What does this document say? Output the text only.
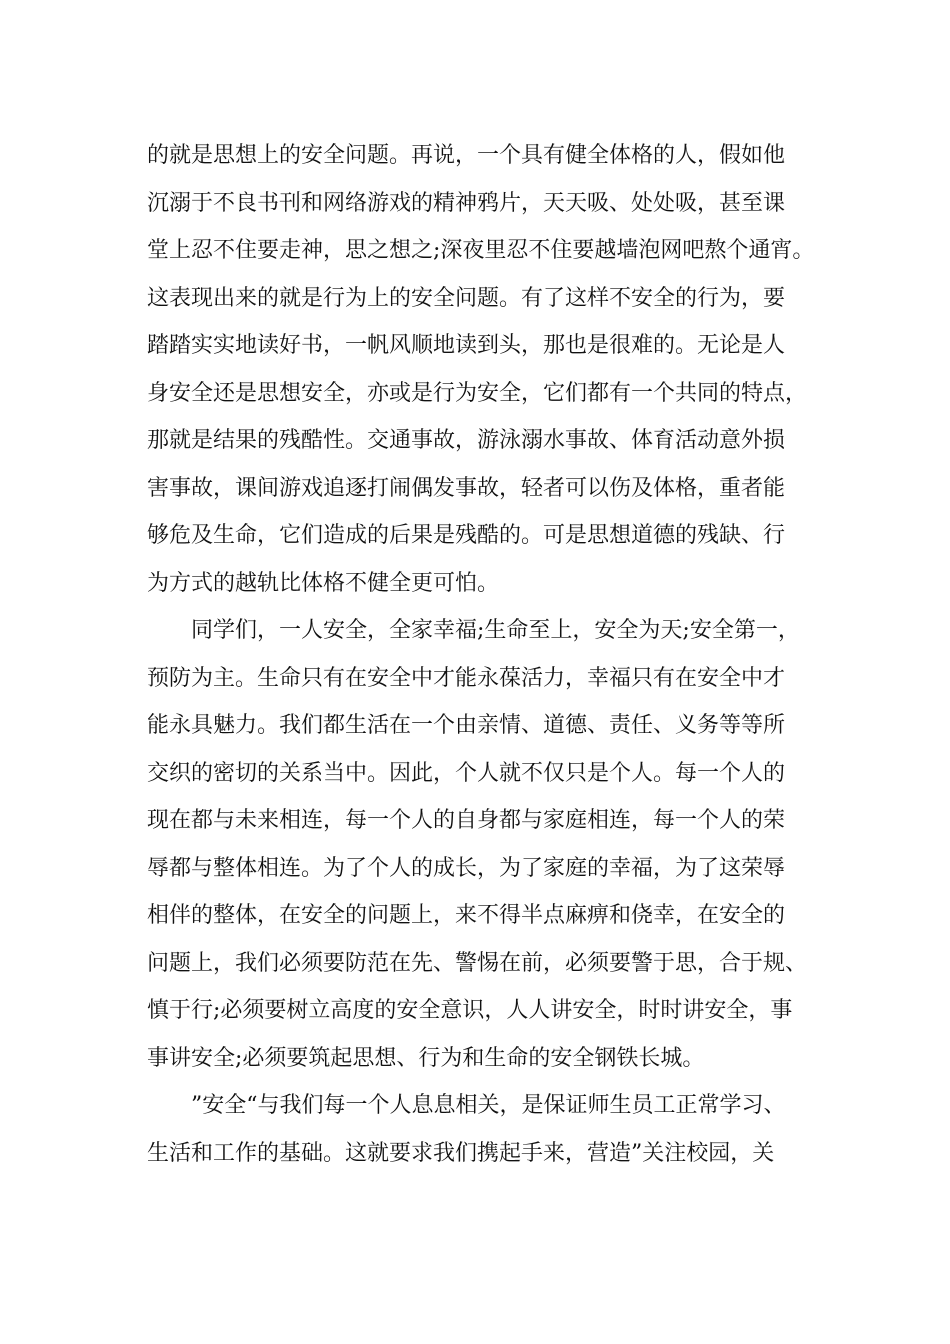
的就是思想上的安全问题。再说，一个具有健全体格的人，假如他
沉溺于不良书刊和网络游戏的精神鸦片，天天吸、处处吸，甚至课
堂上忍不住要走神，思之想之;深夜里忍不住要越墙泡网吧熬个通宵。
这表现出来的就是行为上的安全问题。有了这样不安全的行为，要
踏踏实实地读好书，一帆风顺地读到头，那也是很难的。无论是人
身安全还是思想安全，亦或是行为安全，它们都有一个共同的特点，
那就是结果的残酷性。交通事故，游泳溺水事故、体育活动意外损
害事故，课间游戏追逐打闹偶发事故，轻者可以伤及体格，重者能
够危及生命，它们造成的后果是残酷的。可是思想道德的残缺、行
为方式的越轨比体格不健全更可怕。
同学们，一人安全，全家幸福;生命至上，安全为天;安全第一，
预防为主。生命只有在安全中才能永葆活力，幸福只有在安全中才
能永具魅力。我们都生活在一个由亲情、道德、责任、义务等等所
交织的密切的关系当中。因此，个人就不仅只是个人。每一个人的
现在都与未来相连，每一个人的自身都与家庭相连，每一个人的荣
辱都与整体相连。为了个人的成长，为了家庭的幸福，为了这荣辱
相伴的整体，在安全的问题上，来不得半点麻痹和侥幸，在安全的
问题上，我们必须要防范在先、警惕在前，必须要警于思，合于规、
慎于行;必须要树立高度的安全意识，人人讲安全，时时讲安全，事
事讲安全;必须要筑起思想、行为和生命的安全钢铁长城。
”安全“与我们每一个人息息相关，是保证师生员工正常学习、
生活和工作的基础。这就要求我们携起手来，营造”关注校园，关
